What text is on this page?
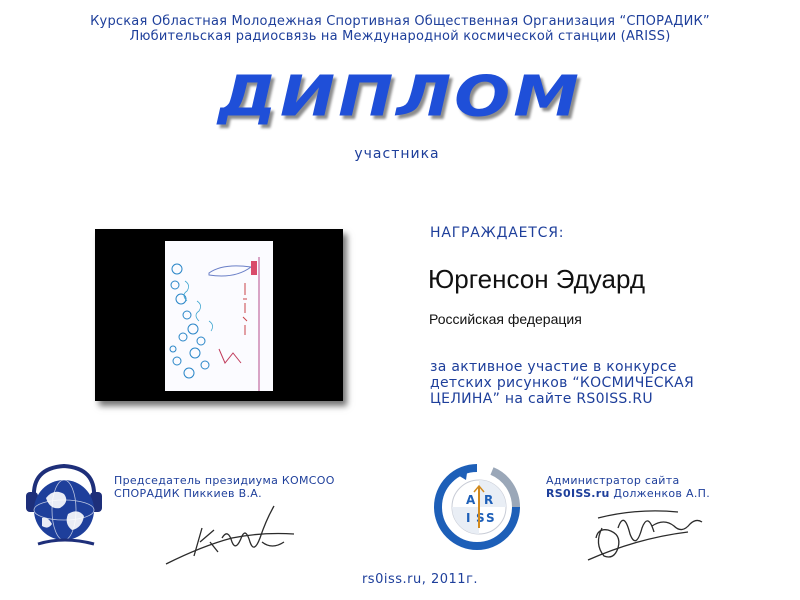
Курская Областная Молодежная Спортивная Общественная Организация “СПОРАДИК”
Любительская радиосвязь на Международной космической станции (ARISS)
ДИПЛОМ
участника
НАГРАЖДАЕТСЯ:
Юргенсон Эдуард
Российская федерация
за активное участие в конкурсе
детских рисунков “КОСМИЧЕСКАЯ
ЦЕЛИНА” на сайте RS0ISS.RU
Председатель президиума КОМСОО
СПОРАДИК Пиккиев В.А.	A R
I S S
Администратор сайта
RS0ISS.ru Долженков А.П.
rs0iss.ru, 2011г.
